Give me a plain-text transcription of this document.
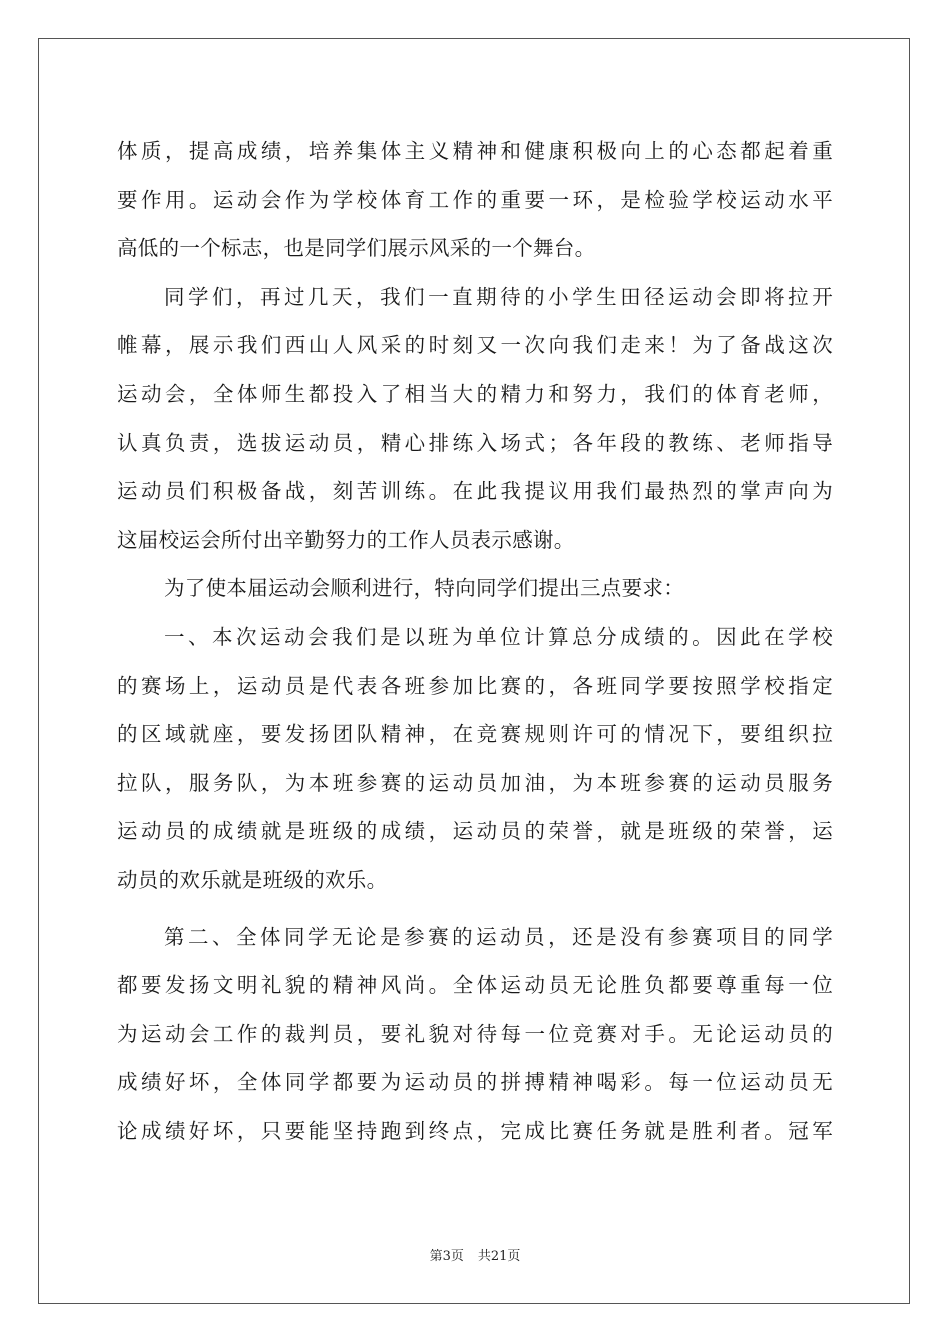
体质，提高成绩，培养集体主义精神和健康积极向上的心态都起着重
要作用。运动会作为学校体育工作的重要一环，是检验学校运动水平
高低的一个标志，也是同学们展示风采的一个舞台。
同学们，再过几天，我们一直期待的小学生田径运动会即将拉开
帷幕，展示我们西山人风采的时刻又一次向我们走来！为了备战这次
运动会，全体师生都投入了相当大的精力和努力，我们的体育老师，
认真负责，选拔运动员，精心排练入场式；各年段的教练、老师指导
运动员们积极备战，刻苦训练。在此我提议用我们最热烈的掌声向为
这届校运会所付出辛勤努力的工作人员表示感谢。
为了使本届运动会顺利进行，特向同学们提出三点要求：
一、本次运动会我们是以班为单位计算总分成绩的。因此在学校
的赛场上，运动员是代表各班参加比赛的，各班同学要按照学校指定
的区域就座，要发扬团队精神，在竞赛规则许可的情况下，要组织拉
拉队，服务队，为本班参赛的运动员加油，为本班参赛的运动员服务
运动员的成绩就是班级的成绩，运动员的荣誉，就是班级的荣誉，运
动员的欢乐就是班级的欢乐。
第二、全体同学无论是参赛的运动员，还是没有参赛项目的同学
都要发扬文明礼貌的精神风尚。全体运动员无论胜负都要尊重每一位
为运动会工作的裁判员，要礼貌对待每一位竞赛对手。无论运动员的
成绩好坏，全体同学都要为运动员的拼搏精神喝彩。每一位运动员无
论成绩好坏，只要能坚持跑到终点，完成比赛任务就是胜利者。冠军
第3页 共21页
